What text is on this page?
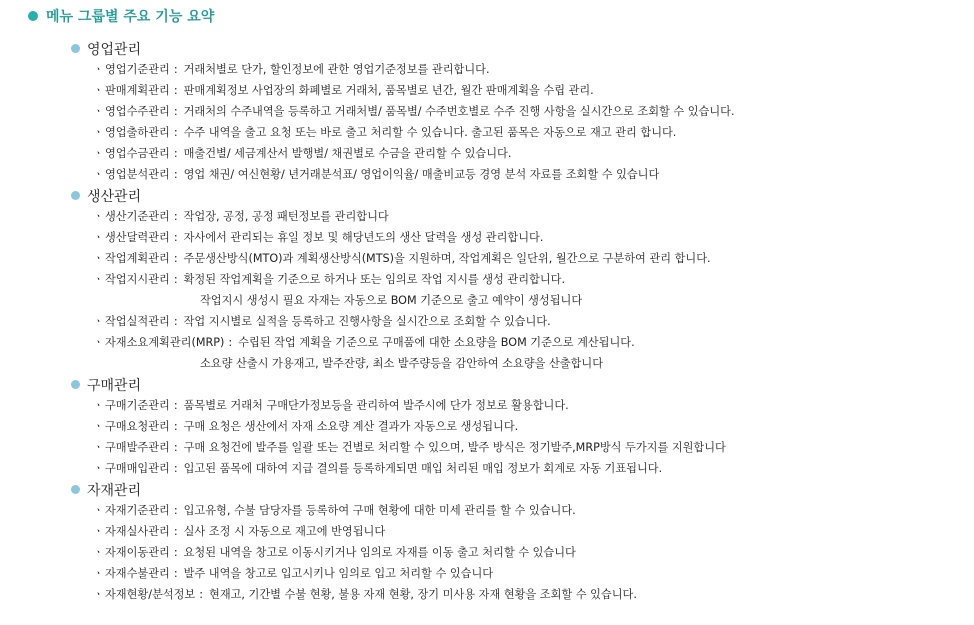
메뉴 그룹별 주요 기능 요약
영업관리
ㆍ영업기준관리 : 거래처별로 단가, 할인정보에 관한 영업기준정보를 관리합니다.
ㆍ판매계획관리 : 판매계획정보 사업장의 화폐별로 거래처, 품목별로 년간, 월간 판매계획을 수립 관리.
ㆍ영업수주관리 : 거래처의 수주내역을 등록하고 거래처별/ 품목별/ 수주번호별로 수주 진행 사항을 실시간으로 조회할 수 있습니다.
ㆍ영업출하관리 : 수주 내역을 출고 요청 또는 바로 출고 처리할 수 있습니다. 출고된 품목은 자동으로 재고 관리 합니다.
ㆍ영업수금관리 : 매출건별/ 세금계산서 발행별/ 채권별로 수금을 관리할 수 있습니다.
ㆍ영업분석관리 : 영업 채권/ 여신현황/ 년거래분석표/ 영업이익율/ 매출비교등 경영 분석 자료를 조회할 수 있습니다
생산관리
ㆍ생산기준관리 : 작업장, 공정, 공정 패턴정보를 관리합니다
ㆍ생산달력관리 : 자사에서 관리되는 휴일 정보 및 해당년도의 생산 달력을 생성 관리합니다.
ㆍ작업계획관리 : 주문생산방식(MTO)과 계획생산방식(MTS)을 지원하며, 작업계획은 일단위, 월간으로 구분하여 관리 합니다.
ㆍ작업지시관리 : 확정된 작업계획을 기준으로 하거나 또는 임의로 작업 지시를 생성 관리합니다.
작업지시 생성시 필요 자재는 자동으로 BOM 기준으로 출고 예약이 생성됩니다
ㆍ작업실적관리 : 작업 지시별로 실적을 등록하고 진행사항을 실시간으로 조회할 수 있습니다.
ㆍ자재소요계획관리(MRP) : 수립된 작업 계획을 기준으로 구매품에 대한 소요량을 BOM 기준으로 계산됩니다.
소요량 산출시 가용재고, 발주잔량, 최소 발주량등을 감안하여 소요량을 산출합니다
구매관리
ㆍ구매기준관리 : 품목별로 거래처 구매단가정보등을 관리하여 발주시에 단가 정보로 활용합니다.
ㆍ구매요청관리 : 구매 요청은 생산에서 자재 소요량 계산 결과가 자동으로 생성됩니다.
ㆍ구매발주관리 : 구매 요청건에 발주를 일괄 또는 건별로 처리할 수 있으며, 발주 방식은 정기발주,MRP방식 두가지를 지원합니다
ㆍ구매매입관리 : 입고된 품목에 대하여 지급 결의를 등록하게되면 매입 처리된 매입 정보가 회계로 자동 기표됩니다.
자재관리
ㆍ자재기준관리 : 입고유형, 수불 담당자를 등록하여 구매 현황에 대한 미세 관리를 할 수 있습니다.
ㆍ자재실사관리 : 실사 조정 시 자동으로 재고에 반영됩니다
ㆍ자재이동관리 : 요청된 내역을 창고로 이동시키거나 임의로 자재를 이동 출고 처리할 수 있습니다
ㆍ자재수불관리 : 발주 내역을 창고로 입고시키나 임의로 입고 처리할 수 있습니다
ㆍ자재현황/분석정보 : 현재고, 기간별 수불 현황, 불용 자재 현황, 장기 미사용 자재 현황을 조회할 수 있습니다.
